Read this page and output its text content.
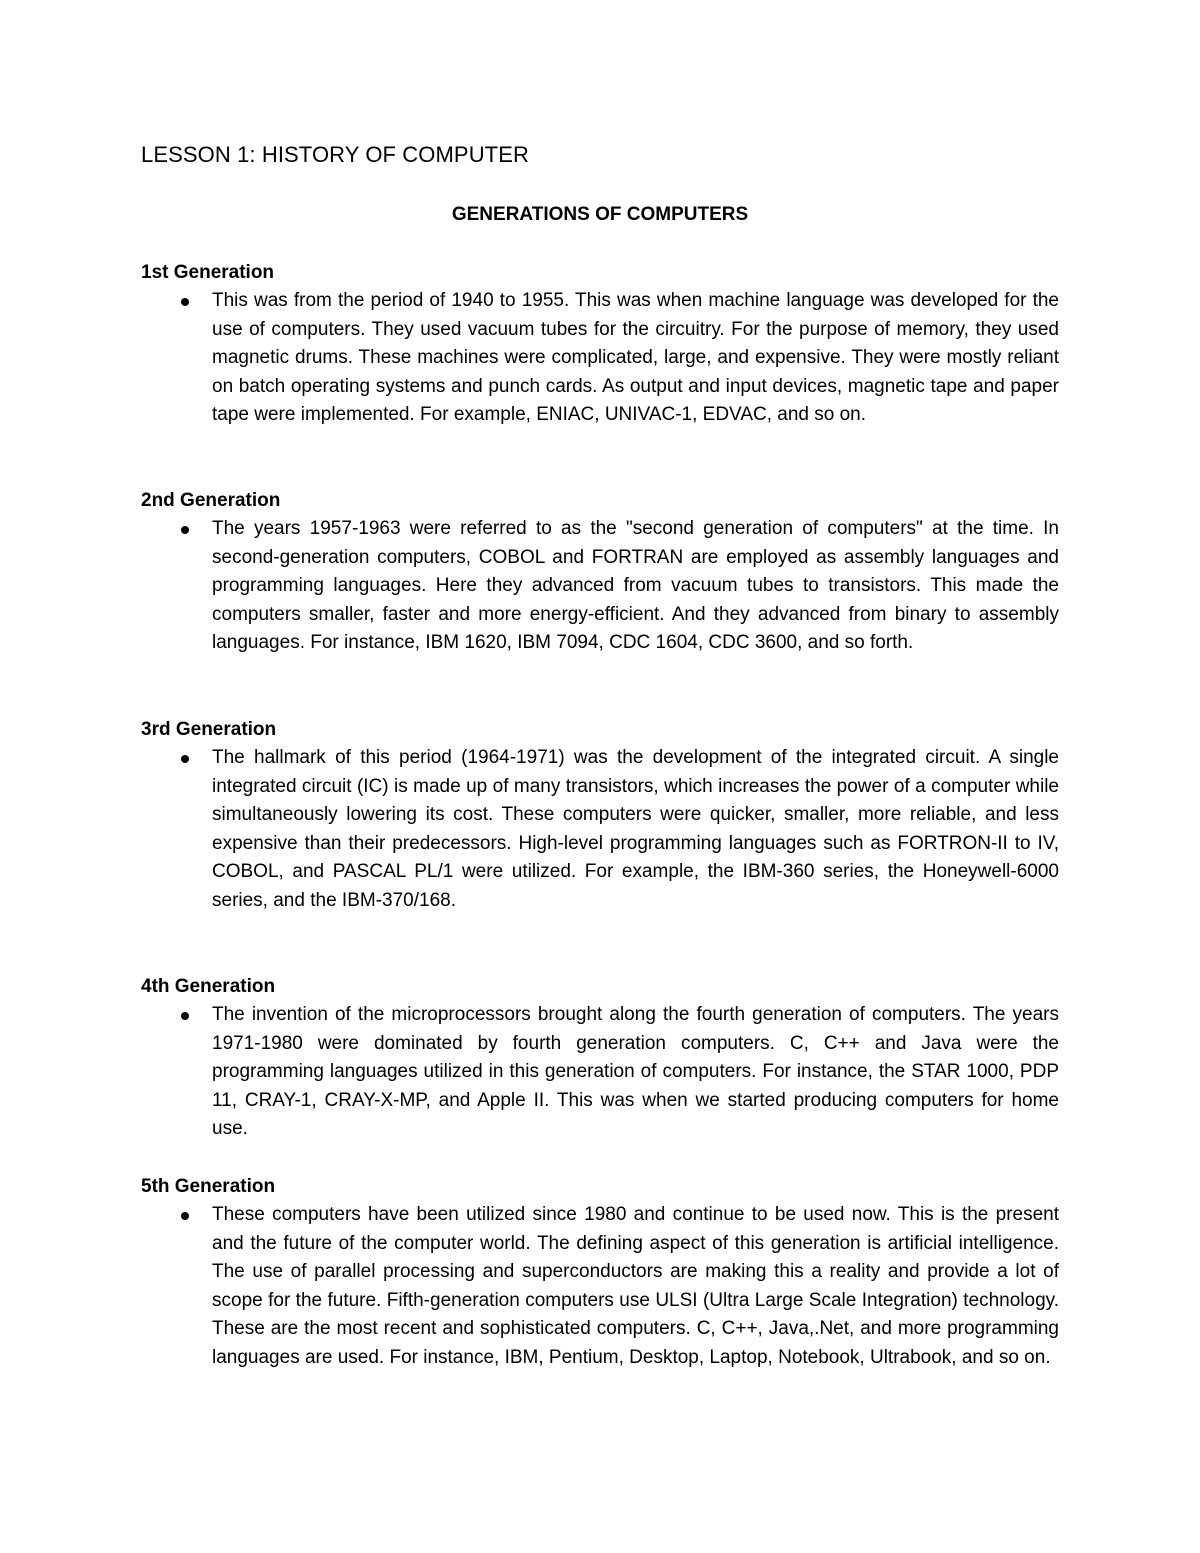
LESSON 1: HISTORY OF COMPUTER
GENERATIONS OF COMPUTERS
1st Generation
This was from the period of 1940 to 1955. This was when machine language was developed for the use of computers. They used vacuum tubes for the circuitry. For the purpose of memory, they used magnetic drums. These machines were complicated, large, and expensive. They were mostly reliant on batch operating systems and punch cards. As output and input devices, magnetic tape and paper tape were implemented. For example, ENIAC, UNIVAC-1, EDVAC, and so on.
2nd Generation
The years 1957-1963 were referred to as the "second generation of computers" at the time. In second-generation computers, COBOL and FORTRAN are employed as assembly languages and programming languages. Here they advanced from vacuum tubes to transistors. This made the computers smaller, faster and more energy-efficient. And they advanced from binary to assembly languages. For instance, IBM 1620, IBM 7094, CDC 1604, CDC 3600, and so forth.
3rd Generation
The hallmark of this period (1964-1971) was the development of the integrated circuit. A single integrated circuit (IC) is made up of many transistors, which increases the power of a computer while simultaneously lowering its cost. These computers were quicker, smaller, more reliable, and less expensive than their predecessors. High-level programming languages such as FORTRON-II to IV, COBOL, and PASCAL PL/1 were utilized. For example, the IBM-360 series, the Honeywell-6000 series, and the IBM-370/168.
4th Generation
The invention of the microprocessors brought along the fourth generation of computers. The years 1971-1980 were dominated by fourth generation computers. C, C++ and Java were the programming languages utilized in this generation of computers. For instance, the STAR 1000, PDP 11, CRAY-1, CRAY-X-MP, and Apple II. This was when we started producing computers for home use.
5th Generation
These computers have been utilized since 1980 and continue to be used now. This is the present and the future of the computer world. The defining aspect of this generation is artificial intelligence. The use of parallel processing and superconductors are making this a reality and provide a lot of scope for the future. Fifth-generation computers use ULSI (Ultra Large Scale Integration) technology. These are the most recent and sophisticated computers. C, C++, Java,.Net, and more programming languages are used. For instance, IBM, Pentium, Desktop, Laptop, Notebook, Ultrabook, and so on.
